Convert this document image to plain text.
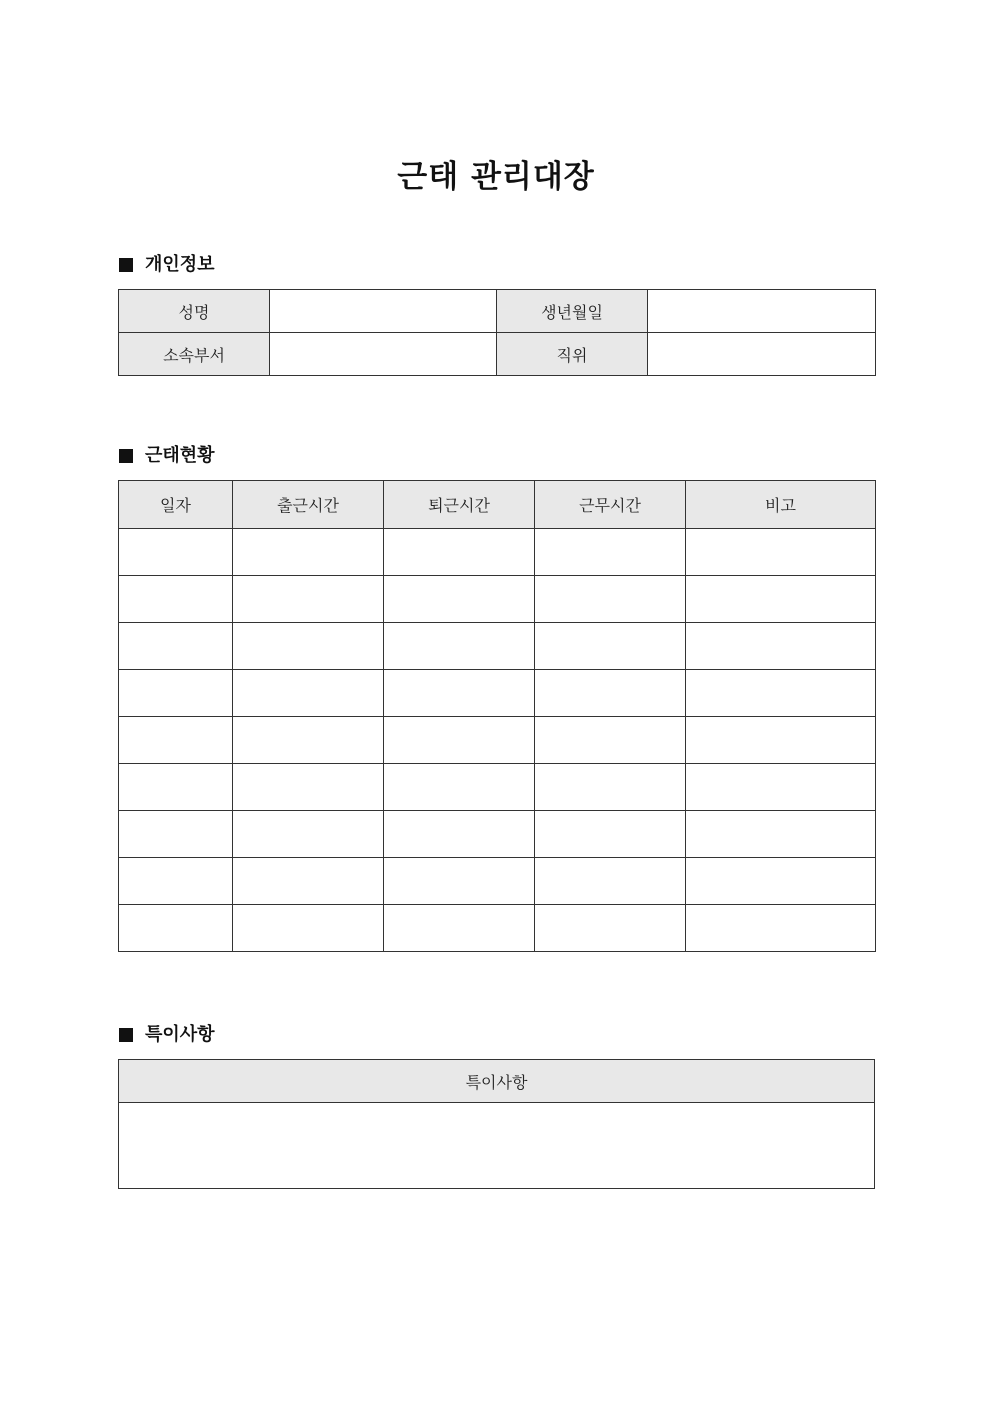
근태 관리대장
개인정보
성명		생년월일	
소속부서		직위	
근태현황
일자	출근시간	퇴근시간	근무시간	비고

특이사항
특이사항
